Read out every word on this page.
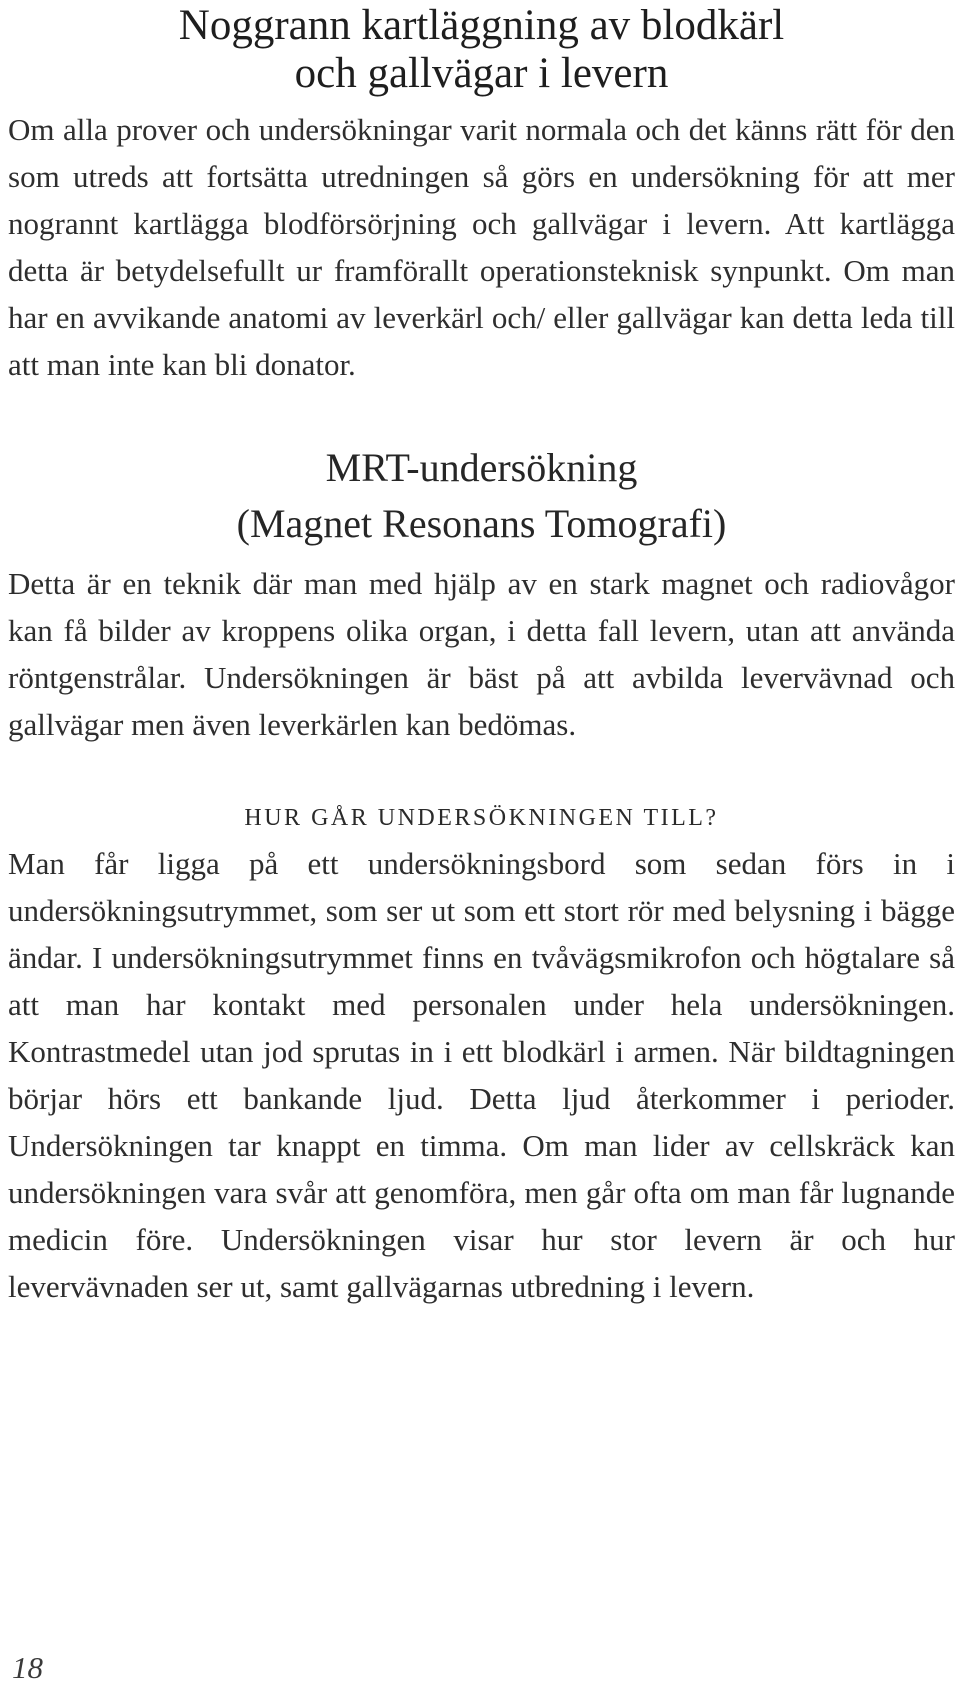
Noggrann kartläggning av blodkärl
och gallvägar i levern

Om alla prover och undersökningar varit normala och det känns rätt för den som utreds att fortsätta utredningen så görs en undersökning för att mer nogrannt kartlägga blodförsörjning och gallvägar i levern. Att kartlägga detta är betydelsefullt ur framförallt operationsteknisk synpunkt. Om man har en avvikande anatomi av leverkärl och/ eller gallvägar kan detta leda till att man inte kan bli donator.

MRT-undersökning
(Magnet Resonans Tomografi)

Detta är en teknik där man med hjälp av en stark magnet och radiovågor kan få bilder av kroppens olika organ, i detta fall levern, utan att använda röntgenstrålar. Undersökningen är bäst på att avbilda levervävnad och gallvägar men även leverkärlen kan bedömas.

HUR GÅR UNDERSÖKNINGEN TILL?

Man får ligga på ett undersökningsbord som sedan förs in i undersökningsutrymmet, som ser ut som ett stort rör med belysning i bägge ändar. I undersökningsutrymmet finns en tvåvägsmikrofon och högtalare så att man har kontakt med personalen under hela undersökningen. Kontrastmedel utan jod sprutas in i ett blodkärl i armen. När bildtagningen börjar hörs ett bankande ljud. Detta ljud återkommer i perioder. Undersökningen tar knappt en timma. Om man lider av cellskräck kan undersökningen vara svår att genomföra, men går ofta om man får lugnande medicin före. Undersökningen visar hur stor levern är och hur levervävnaden ser ut, samt gallvägarnas utbredning i levern.

18
